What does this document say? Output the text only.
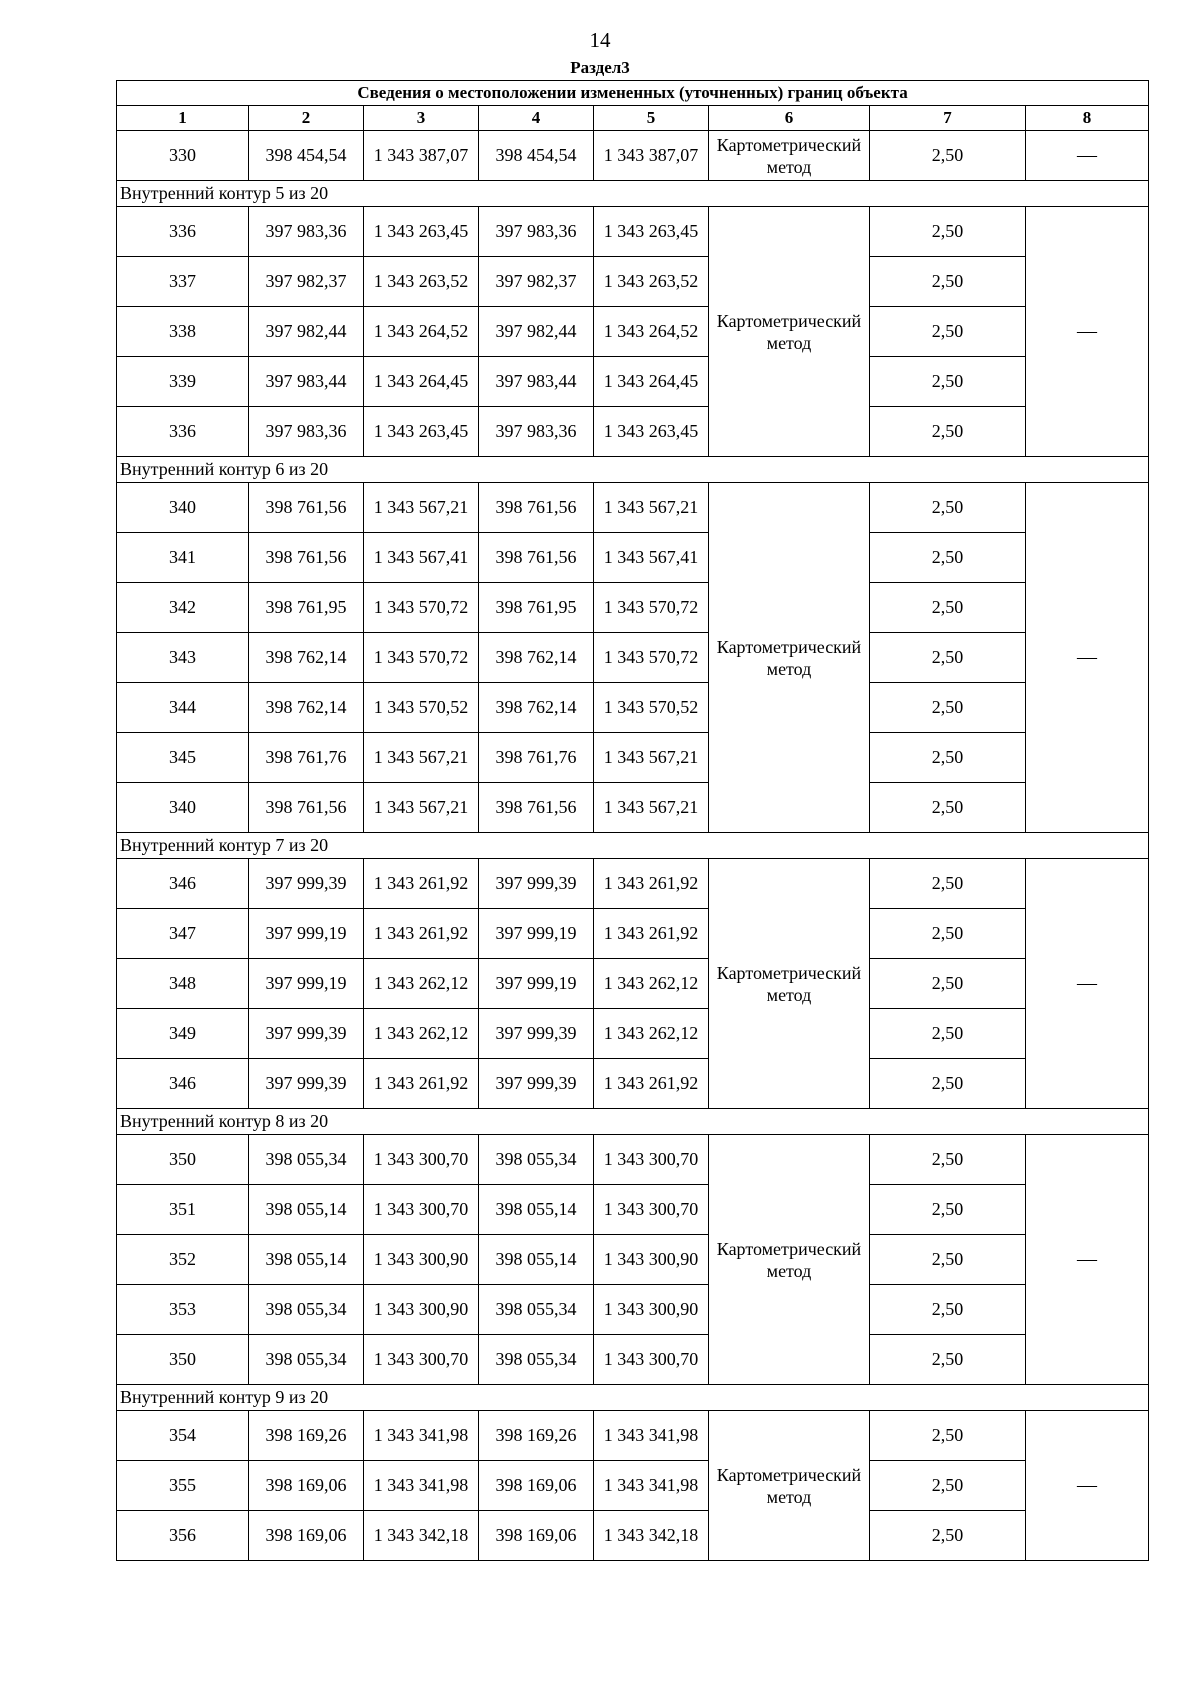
14
Раздел3
Сведения о местоположении измененных (уточненных) границ объекта							
1	2	3	4	5	6	7	8
330	398 454,54	1 343 387,07	398 454,54	1 343 387,07	Картометрический метод	2,50	—
Внутренний контур 5 из 20							
336	397 983,36	1 343 263,45	397 983,36	1 343 263,45	Картометрический метод	2,50	—
337	397 982,37	1 343 263,52	397 982,37	1 343 263,52		2,50	
338	397 982,44	1 343 264,52	397 982,44	1 343 264,52		2,50	
339	397 983,44	1 343 264,45	397 983,44	1 343 264,45		2,50	
336	397 983,36	1 343 263,45	397 983,36	1 343 263,45		2,50	
Внутренний контур 6 из 20							
340	398 761,56	1 343 567,21	398 761,56	1 343 567,21	Картометрический метод	2,50	—
341	398 761,56	1 343 567,41	398 761,56	1 343 567,41		2,50	
342	398 761,95	1 343 570,72	398 761,95	1 343 570,72		2,50	
343	398 762,14	1 343 570,72	398 762,14	1 343 570,72		2,50	
344	398 762,14	1 343 570,52	398 762,14	1 343 570,52		2,50	
345	398 761,76	1 343 567,21	398 761,76	1 343 567,21		2,50	
340	398 761,56	1 343 567,21	398 761,56	1 343 567,21		2,50	
Внутренний контур 7 из 20							
346	397 999,39	1 343 261,92	397 999,39	1 343 261,92	Картометрический метод	2,50	—
347	397 999,19	1 343 261,92	397 999,19	1 343 261,92		2,50	
348	397 999,19	1 343 262,12	397 999,19	1 343 262,12		2,50	
349	397 999,39	1 343 262,12	397 999,39	1 343 262,12		2,50	
346	397 999,39	1 343 261,92	397 999,39	1 343 261,92		2,50	
Внутренний контур 8 из 20							
350	398 055,34	1 343 300,70	398 055,34	1 343 300,70	Картометрический метод	2,50	—
351	398 055,14	1 343 300,70	398 055,14	1 343 300,70		2,50	
352	398 055,14	1 343 300,90	398 055,14	1 343 300,90		2,50	
353	398 055,34	1 343 300,90	398 055,34	1 343 300,90		2,50	
350	398 055,34	1 343 300,70	398 055,34	1 343 300,70		2,50	
Внутренний контур 9 из 20							
354	398 169,26	1 343 341,98	398 169,26	1 343 341,98	Картометрический метод	2,50	—
355	398 169,06	1 343 341,98	398 169,06	1 343 341,98		2,50	
356	398 169,06	1 343 342,18	398 169,06	1 343 342,18		2,50	
